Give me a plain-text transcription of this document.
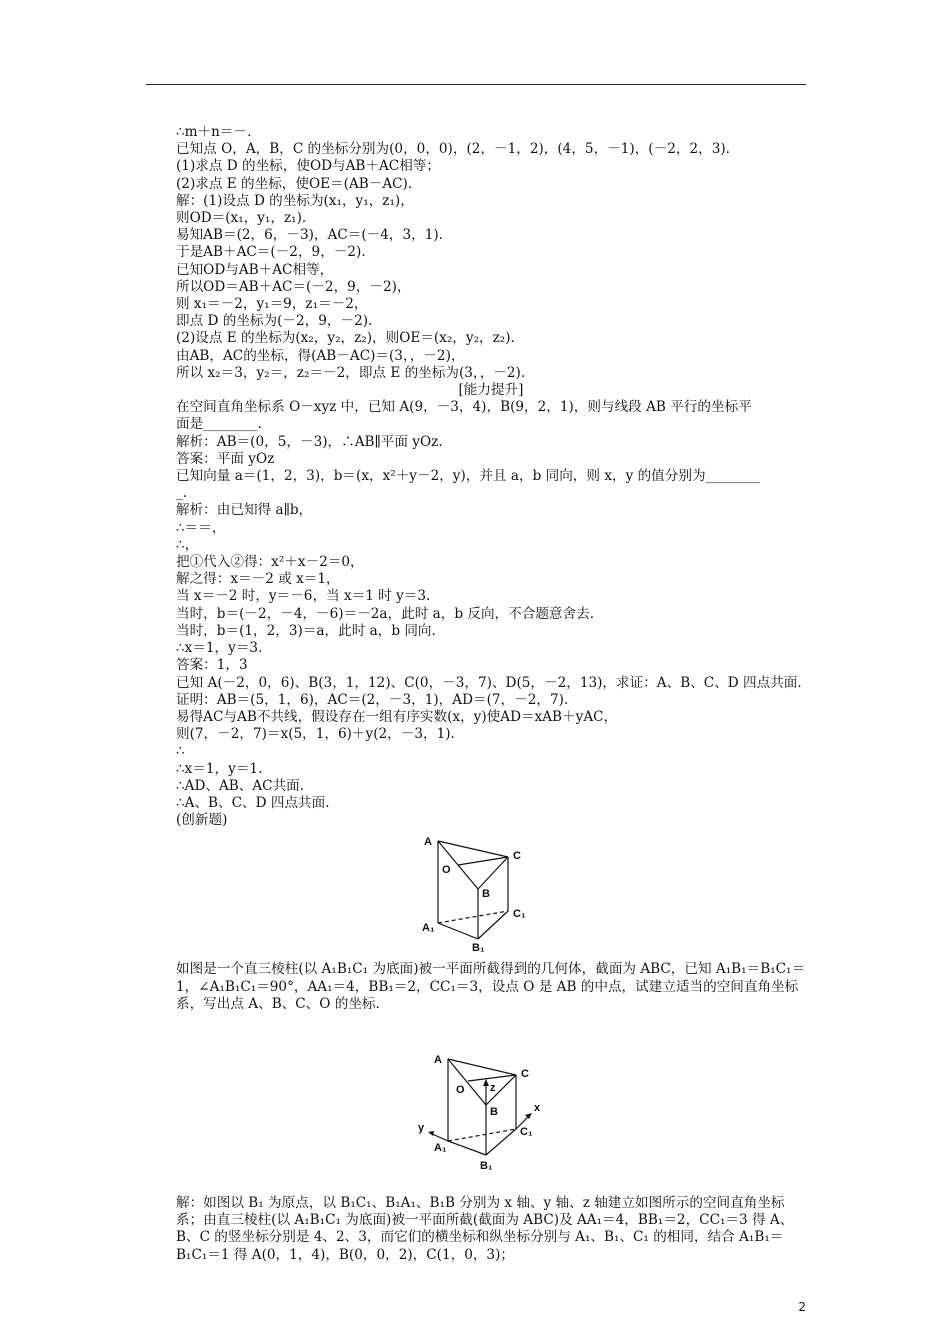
∴m＋n＝－.

已知点 O，A，B，C 的坐标分别为(0，0，0)，(2，－1，2)，(4，5，－1)，(－2，2，3).

(1)求点 D 的坐标，使OD与AB＋AC相等；

(2)求点 E 的坐标，使OE＝(AB－AC).

解：(1)设点 D 的坐标为(x₁，y₁，z₁)，

则OD＝(x₁，y₁，z₁).

易知AB＝(2，6，－3)，AC＝(－4，3，1).

于是AB＋AC＝(－2，9，－2).

已知OD与AB＋AC相等，

所以OD＝AB＋AC＝(－2，9，－2)，

则 x₁＝－2，y₁＝9，z₁＝－2，

即点 D 的坐标为(－2，9，－2).

(2)设点 E 的坐标为(x₂，y₂，z₂)，则OE＝(x₂，y₂，z₂).

由AB，AC的坐标，得(AB－AC)＝(3，，－2)，

所以 x₂＝3，y₂＝，z₂＝－2，即点 E 的坐标为(3，，－2).

[能力提升]

在空间直角坐标系 O－xyz 中，已知 A(9，－3，4)，B(9，2，1)，则与线段 AB 平行的坐标平

面是________.

解析：AB＝(0，5，－3)，∴AB∥平面 yOz.

答案：平面 yOz

已知向量 a＝(1，2，3)，b＝(x，x²＋y－2，y)，并且 a，b 同向，则 x，y 的值分别为________

_.

解析：由已知得 a∥b，

∴＝＝，

∴，

把①代入②得：x²＋x－2＝0，

解之得：x＝－2 或 x＝1，

当 x＝－2 时，y＝－6，当 x＝1 时 y＝3.

当时，b＝(－2，－4，－6)＝－2a，此时 a，b 反向，不合题意舍去.

当时，b＝(1，2，3)＝a，此时 a，b 同向.

∴x＝1，y＝3.

答案：1，3

已知 A(－2，0，6)、B(3，1，12)、C(0，－3，7)、D(5，－2，13)，求证：A、B、C、D 四点共面.

证明：AB＝(5，1，6)，AC＝(2，－3，1)，AD＝(7，－2，7).

易得AC与AB不共线，假设存在一组有序实数(x，y)使AD＝xAB＋yAC，

则(7，－2，7)＝x(5，1，6)＋y(2，－3，1).

∴

∴x＝1，y＝1.

∴AD、AB、AC共面.

∴A、B、C、D 四点共面.

(创新题)

A
C
O
B
C₁
A₁
B₁

如图是一个直三棱柱(以 A₁B₁C₁ 为底面)被一平面所截得到的几何体，截面为 ABC，已知 A₁B₁＝B₁C₁＝1，∠A₁B₁C₁＝90°，AA₁＝4，BB₁＝2，CC₁＝3，设点 O 是 AB 的中点，试建立适当的空间直角坐标系，写出点 A、B、C、O 的坐标.

A
C
O z
B	x
C₁
y
A₁
B₁

解：如图以 B₁ 为原点，以 B₁C₁、B₁A₁、B₁B 分别为 x 轴、y 轴、z 轴建立如图所示的空间直角坐标系；由直三棱柱(以 A₁B₁C₁ 为底面)被一平面所截(截面为 ABC)及 AA₁＝4，BB₁＝2，CC₁＝3 得 A、B、C 的竖坐标分别是 4、2、3，而它们的横坐标和纵坐标分别与 A₁、B₁、C₁ 的相同，结合 A₁B₁＝B₁C₁＝1 得 A(0，1，4)，B(0，0，2)，C(1，0，3)；

2
